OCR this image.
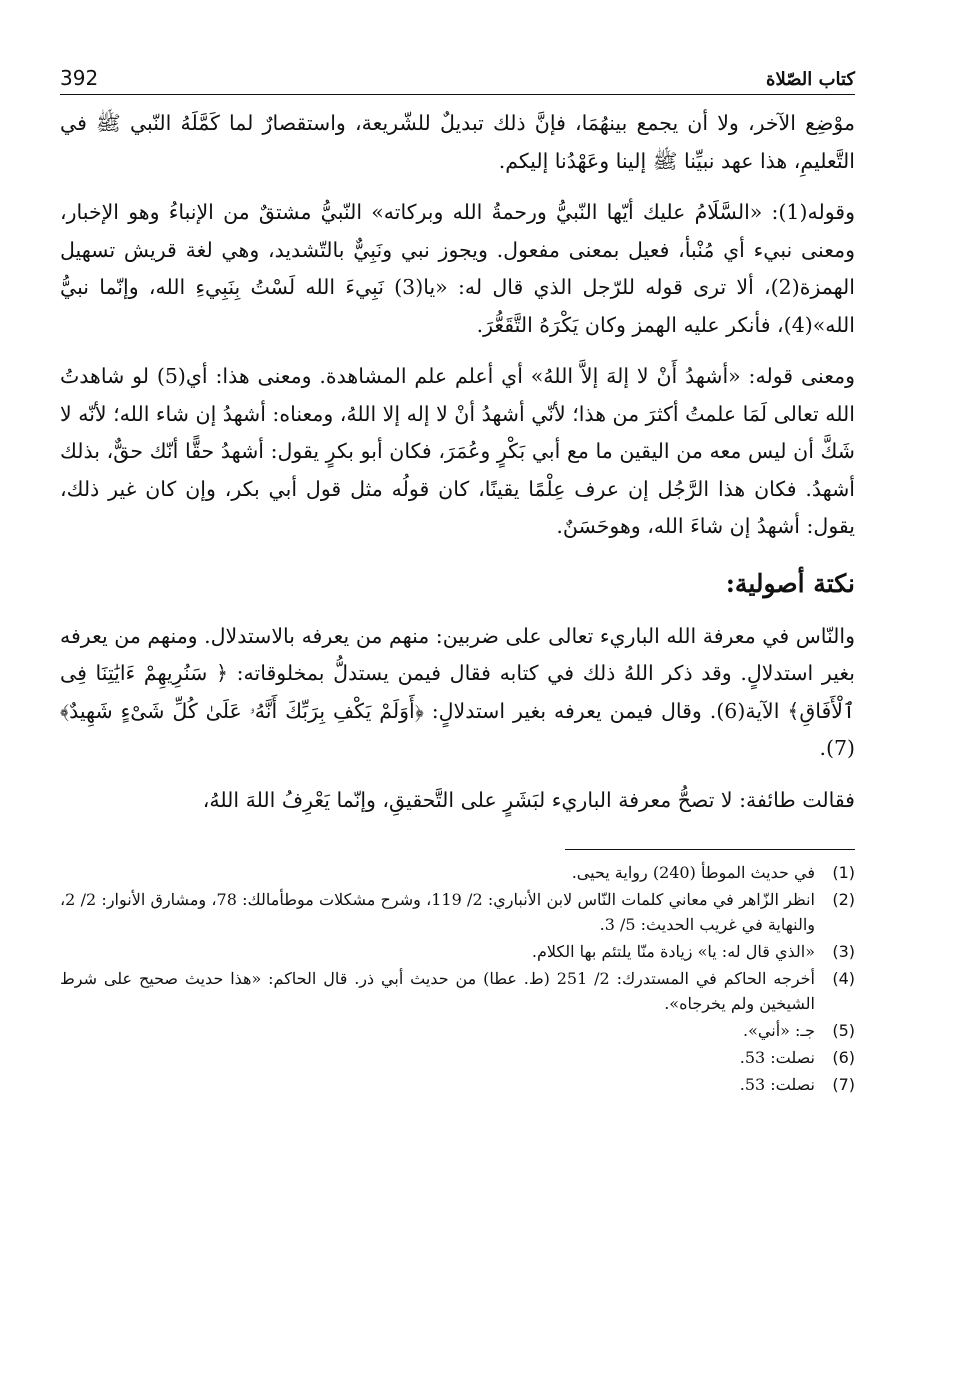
كتاب الصّلاة
392

موْضِع الآخر، ولا أن يجمع بينهُمَا، فإنَّ ذلك تبديلٌ للشّريعة، واستقصارٌ لما كَمَّلَهُ النّبي ﷺ في التَّعليمِ، هذا عهد نبيِّنا ﷺ إلينا وعَهْدُنا إليكم.

وقوله(1): «السَّلَامُ عليك أيّها النّبيُّ ورحمةُ الله وبركاته» النّبيُّ مشتقٌ من الإنباءُ وهو الإخبار، ومعنى نبيء أي مُنْبأ، فعيل بمعنى مفعول. ويجوز نبي ونَبِيٌّ بالتّشديد، وهي لغة قريش تسهيل الهمزة(2)، ألا ترى قوله للرّجل الذي قال له: «يا(3) نَبِيءَ الله لَسْتُ بِنَبِيءِ الله، وإنّما نبيُّ الله»(4)، فأنكر عليه الهمز وكان يَكْرَهُ التَّقَعُّرَ.

ومعنى قوله: «أشهدُ أَنْ لا إلهَ إلاَّ اللهُ» أي أعلم علم المشاهدة. ومعنى هذا: أي(5) لو شاهدتُ الله تعالى لَمَا علمتُ أكثرَ من هذا؛ لأنّي أشهدُ أنْ لا إله إلا اللهُ، ومعناه: أشهدُ إن شاء الله؛ لأنّه لا شَكَّ أن ليس معه من اليقين ما مع أبي بَكْرٍ وعُمَرَ، فكان أبو بكرٍ يقول: أشهدُ حقًّا أنّك حقٌّ، بذلك أشهدُ. فكان هذا الرَّجُل إن عرف عِلْمًا يقينًا، كان قولُه مثل قول أبي بكر، وإن كان غير ذلك، يقول: أشهدُ إن شاءَ الله، وهوحَسَنٌ.

نكتة أصولية:

والنّاس في معرفة الله الباريء تعالى على ضربين: منهم من يعرفه بالاستدلال. ومنهم من يعرفه بغير استدلالٍ. وقد ذكر اللهُ ذلك في كتابه فقال فيمن يستدلُّ بمخلوقاته: ﴿ سَنُرِيهِمْ ءَايَٰتِنَا فِى ٱلْأَفَاقِ﴾ الآية(6). وقال فيمن يعرفه بغير استدلالٍ: ﴿أَوَلَمْ يَكْفِ بِرَبِّكَ أَنَّهُۥ عَلَىٰ كُلِّ شَىْءٍ شَهِيدٌ﴾(7).

فقالت طائفة: لا تصحُّ معرفة الباريء لبَشَرٍ على التَّحقيقِ، وإنّما يَعْرِفُ اللهَ اللهُ،

(1)
في حديث الموطأ (240) رواية يحيى.
(2)
انظر الزّاهر في معاني كلمات النّاس لابن الأنباري: 2/ 119، وشرح مشكلات موطأمالك: 78، ومشارق الأنوار: 2/ 2، والنهاية في غريب الحديث: 5/ 3.
(3)
«الذي قال له: يا» زيادة منّا يلتئم بها الكلام.
(4)
أخرجه الحاكم في المستدرك: 2/ 251 (ط. عطا) من حديث أبي ذر. قال الحاكم: «هذا حديث صحيح على شرط الشيخين ولم يخرجاه».
(5)
جـ: «أني».
(6)
نصلت: 53.
(7)
نصلت: 53.
